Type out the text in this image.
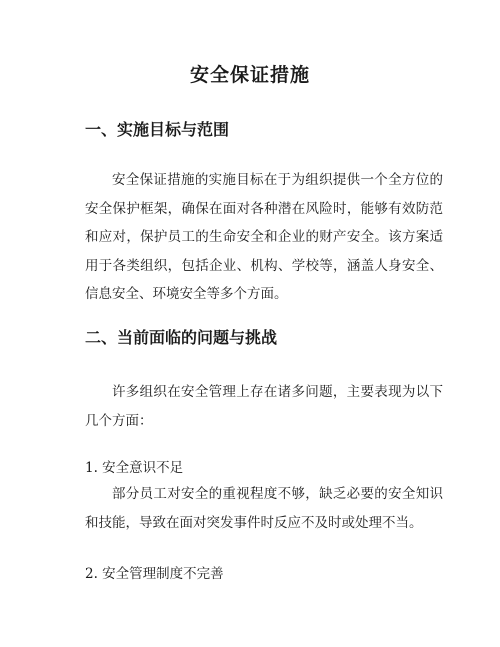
安全保证措施
一、实施目标与范围

安全保证措施的实施目标在于为组织提供一个全方位的安全保护框架，确保在面对各种潜在风险时，能够有效防范和应对，保护员工的生命安全和企业的财产安全。该方案适用于各类组织，包括企业、机构、学校等，涵盖人身安全、信息安全、环境安全等多个方面。

二、当前面临的问题与挑战

许多组织在安全管理上存在诸多问题，主要表现为以下几个方面：

1. 安全意识不足

部分员工对安全的重视程度不够，缺乏必要的安全知识和技能，导致在面对突发事件时反应不及时或处理不当。

2. 安全管理制度不完善
